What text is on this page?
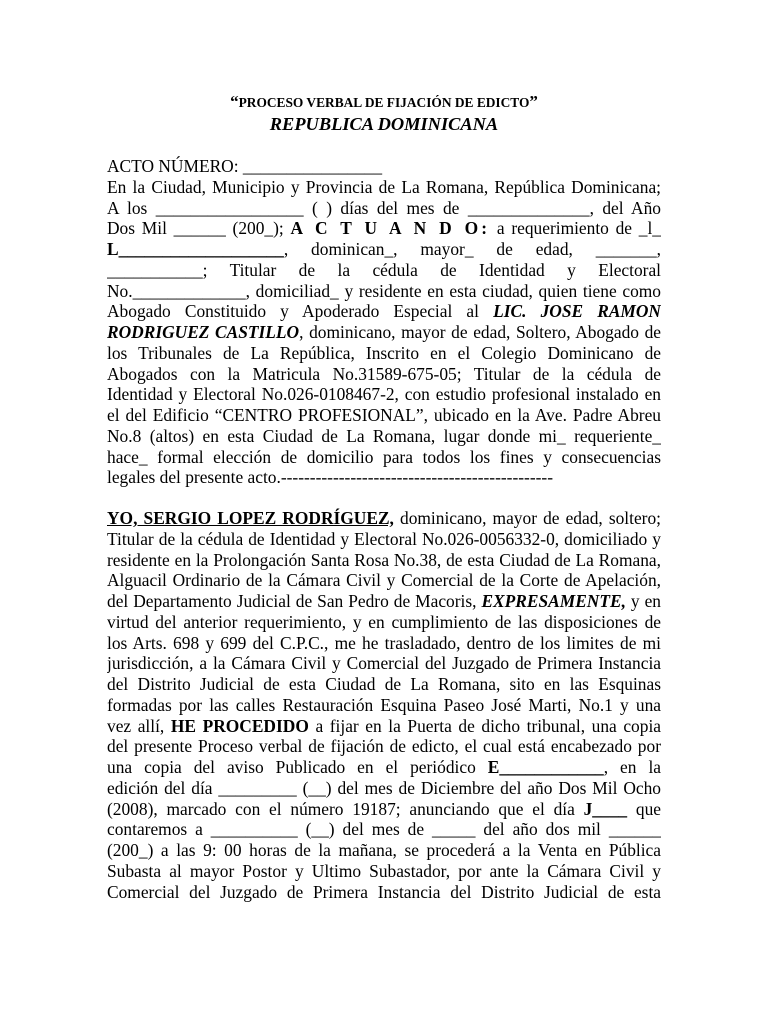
“PROCESO VERBAL DE FIJACIÓN DE EDICTO”
REPUBLICA DOMINICANA
ACTO NÚMERO: ________________
En la Ciudad, Municipio y Provincia de La Romana, República Dominicana;
A los _________________ ( ) días del mes de ______________, del Año
Dos Mil ______ (200_); A C T U A N D O: a requerimiento de _l_
L___________________, dominican_, mayor_ de edad, _______,
___________; Titular de la cédula de Identidad y Electoral
No._____________, domiciliad_ y residente en esta ciudad, quien tiene como
Abogado Constituido y Apoderado Especial al LIC. JOSE RAMON
RODRIGUEZ CASTILLO, dominicano, mayor de edad, Soltero, Abogado de
los Tribunales de La República, Inscrito en el Colegio Dominicano de
Abogados con la Matricula No.31589-675-05; Titular de la cédula de
Identidad y Electoral No.026-0108467-2, con estudio profesional instalado en
el del Edificio “CENTRO PROFESIONAL”, ubicado en la Ave. Padre Abreu
No.8 (altos) en esta Ciudad de La Romana, lugar donde mi_ requeriente_
hace_ formal elección de domicilio para todos los fines y consecuencias
legales del presente acto.-----------------------------------------------
YO, SERGIO LOPEZ RODRÍGUEZ, dominicano, mayor de edad, soltero;
Titular de la cédula de Identidad y Electoral No.026-0056332-0, domiciliado y
residente en la Prolongación Santa Rosa No.38, de esta Ciudad de La Romana,
Alguacil Ordinario de la Cámara Civil y Comercial de la Corte de Apelación,
del Departamento Judicial de San Pedro de Macoris, EXPRESAMENTE, y en
virtud del anterior requerimiento, y en cumplimiento de las disposiciones de
los Arts. 698 y 699 del C.P.C., me he trasladado, dentro de los limites de mi
jurisdicción, a la Cámara Civil y Comercial del Juzgado de Primera Instancia
del Distrito Judicial de esta Ciudad de La Romana, sito en las Esquinas
formadas por las calles Restauración Esquina Paseo José Marti, No.1 y una
vez allí, HE PROCEDIDO a fijar en la Puerta de dicho tribunal, una copia
del presente Proceso verbal de fijación de edicto, el cual está encabezado por
una copia del aviso Publicado en el periódico E____________, en la
edición del día _________ (__) del mes de Diciembre del año Dos Mil Ocho
(2008), marcado con el número 19187; anunciando que el día J____ que
contaremos a __________ (__) del mes de _____ del año dos mil ______
(200_) a las 9: 00 horas de la mañana, se procederá a la Venta en Pública
Subasta al mayor Postor y Ultimo Subastador, por ante la Cámara Civil y
Comercial del Juzgado de Primera Instancia del Distrito Judicial de esta
